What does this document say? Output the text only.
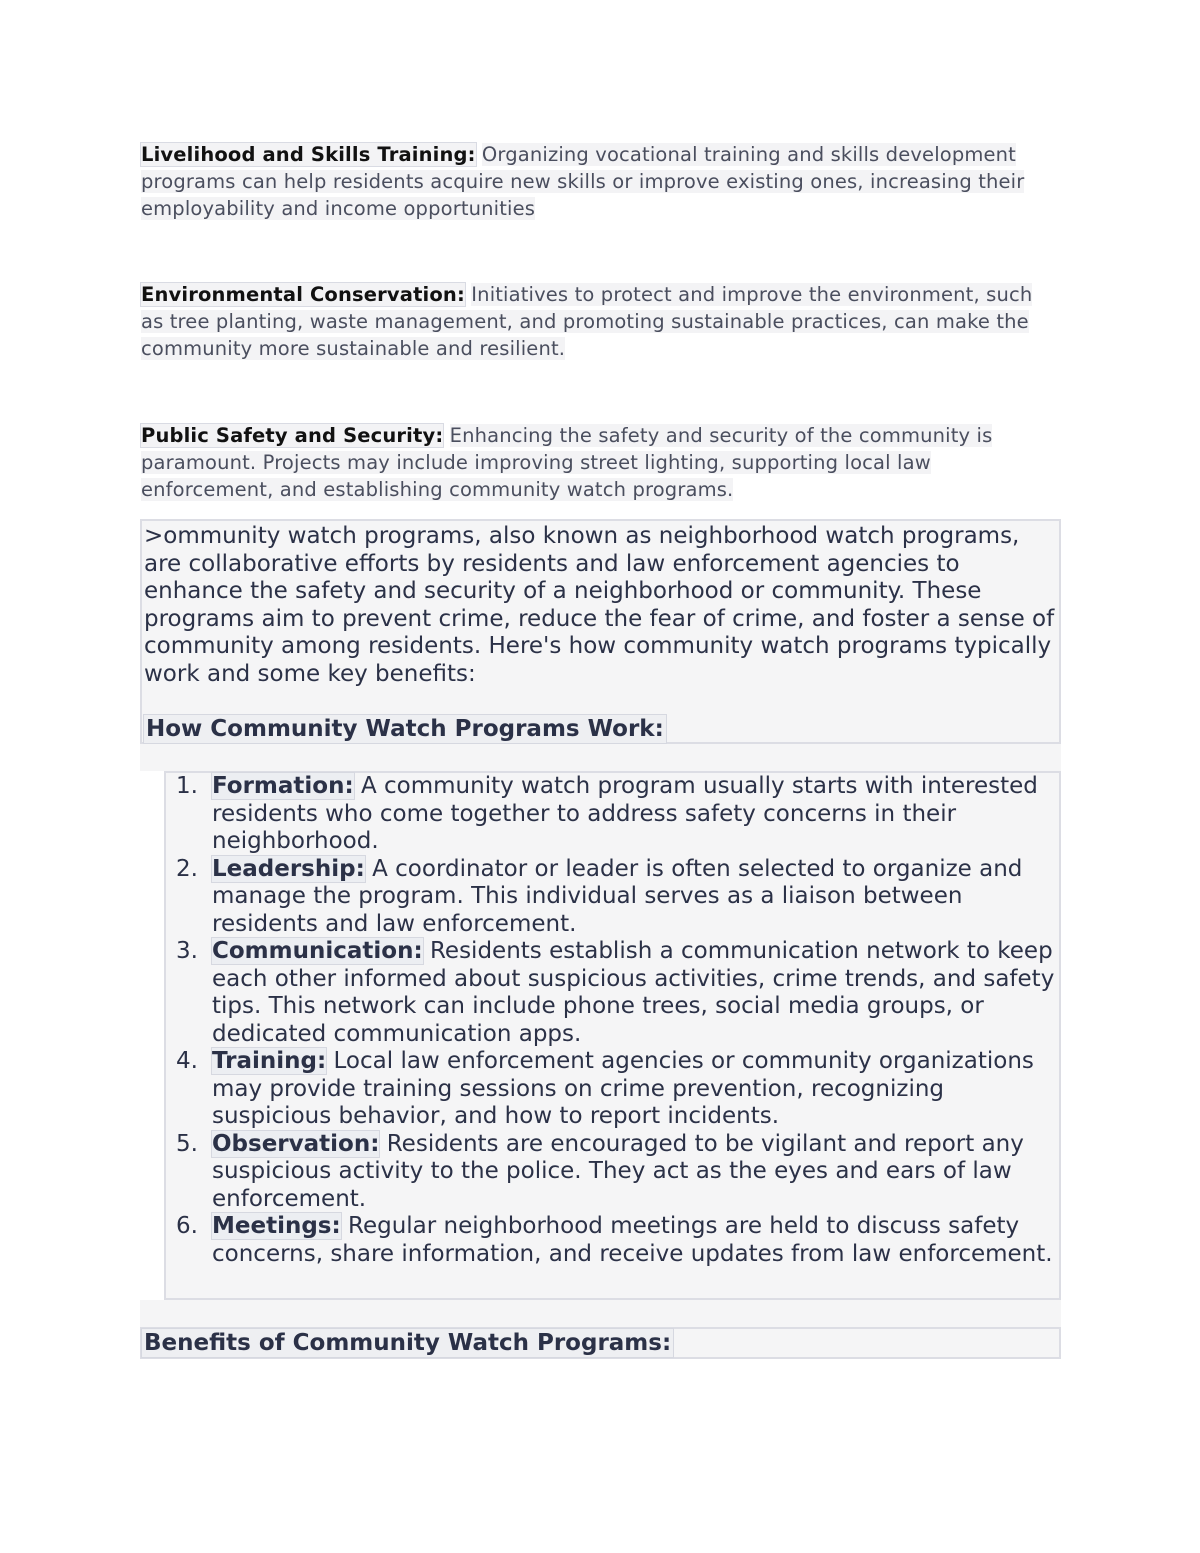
Livelihood and Skills Training: Organizing vocational training and skills development programs can help residents acquire new skills or improve existing ones, increasing their employability and income opportunities
Environmental Conservation: Initiatives to protect and improve the environment, such as tree planting, waste management, and promoting sustainable practices, can make the community more sustainable and resilient.
Public Safety and Security: Enhancing the safety and security of the community is paramount. Projects may include improving street lighting, supporting local law enforcement, and establishing community watch programs.

>ommunity watch programs, also known as neighborhood watch programs, are collaborative efforts by residents and law enforcement agencies to enhance the safety and security of a neighborhood or community. These programs aim to prevent crime, reduce the fear of crime, and foster a sense of community among residents. Here's how community watch programs typically work and some key benefits:

How Community Watch Programs Work:
1. Formation: A community watch program usually starts with interested residents who come together to address safety concerns in their neighborhood.
2. Leadership: A coordinator or leader is often selected to organize and manage the program. This individual serves as a liaison between residents and law enforcement.
3. Communication: Residents establish a communication network to keep each other informed about suspicious activities, crime trends, and safety tips. This network can include phone trees, social media groups, or dedicated communication apps.
4. Training: Local law enforcement agencies or community organizations may provide training sessions on crime prevention, recognizing suspicious behavior, and how to report incidents.
5. Observation: Residents are encouraged to be vigilant and report any suspicious activity to the police. They act as the eyes and ears of law enforcement.
6. Meetings: Regular neighborhood meetings are held to discuss safety concerns, share information, and receive updates from law enforcement.
Benefits of Community Watch Programs:
